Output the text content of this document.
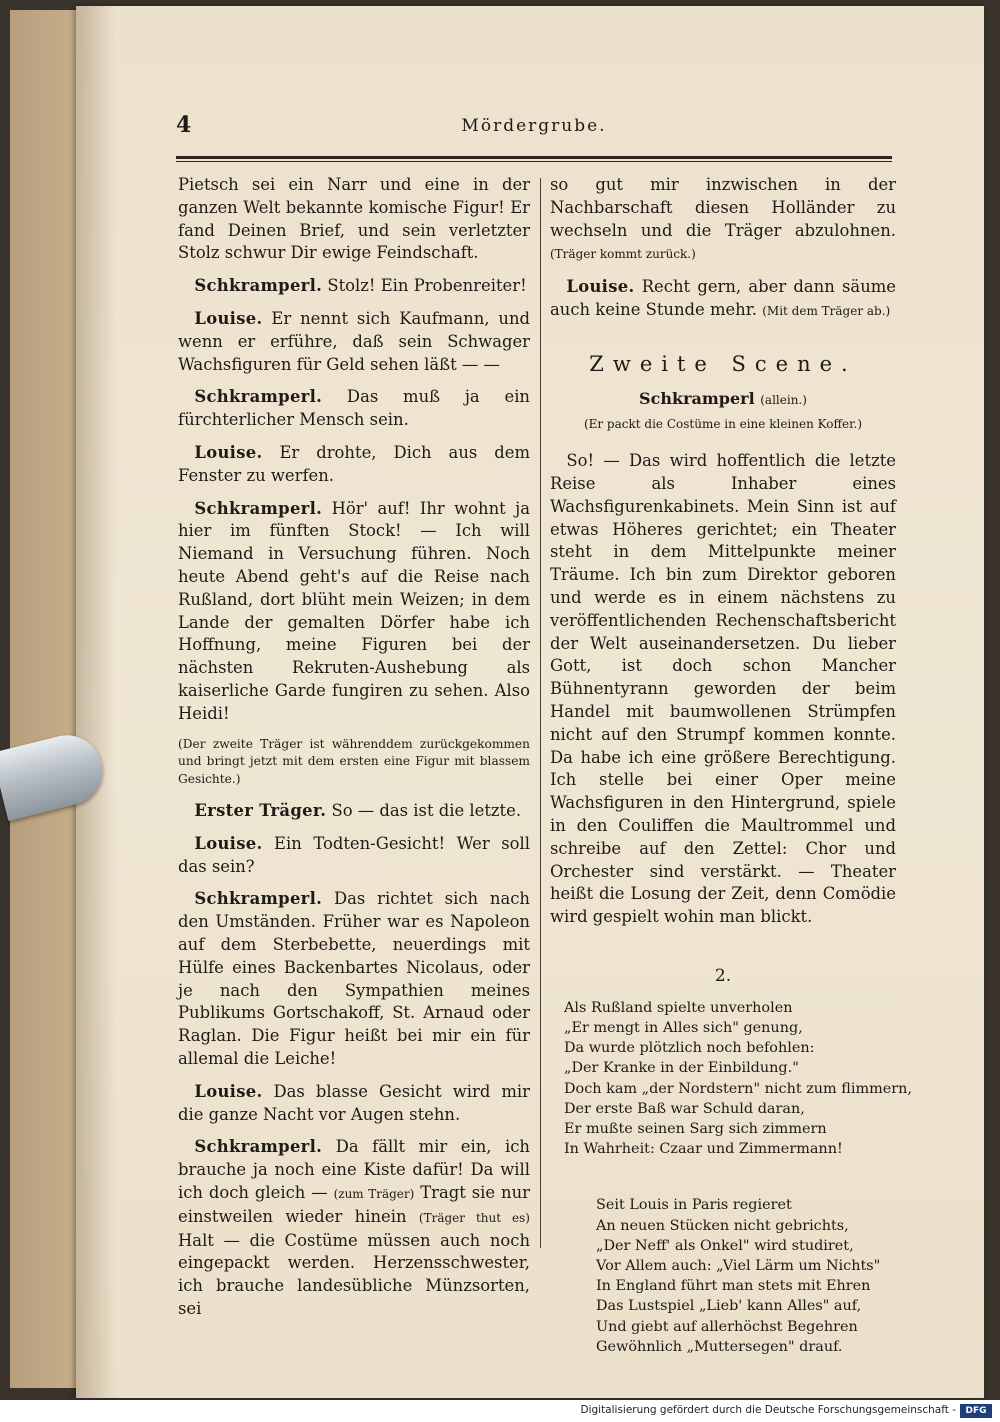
4	Mördergrube.

Pietsch sei ein Narr und eine in der ganzen Welt bekannte komische Figur! Er fand Deinen Brief, und sein verletzter Stolz schwur Dir ewige Feindschaft.

 Schkramperl. Stolz! Ein Probenreiter!

 Louise. Er nennt sich Kaufmann, und wenn er erführe, daß sein Schwager Wachsfiguren für Geld sehen läßt — —

 Schkramperl. Das muß ja ein fürchterlicher Mensch sein.

 Louise. Er drohte, Dich aus dem Fenster zu werfen.

 Schkramperl. Hör' auf! Ihr wohnt ja hier im fünften Stock! — Ich will Niemand in Versuchung führen. Noch heute Abend geht's auf die Reise nach Rußland, dort blüht mein Weizen; in dem Lande der gemalten Dörfer habe ich Hoffnung, meine Figuren bei der nächsten Rekruten-Aushebung als kaiserliche Garde fungiren zu sehen. Also Heidi!

(Der zweite Träger ist währenddem zurückgekommen und bringt jetzt mit dem ersten eine Figur mit blassem Gesichte.)

 Erster Träger. So — das ist die letzte.

 Louise. Ein Todten-Gesicht! Wer soll das sein?

 Schkramperl. Das richtet sich nach den Umständen. Früher war es Napoleon auf dem Sterbebette, neuerdings mit Hülfe eines Backenbartes Nicolaus, oder je nach den Sympathien meines Publikums Gortschakoff, St. Arnaud oder Raglan. Die Figur heißt bei mir ein für allemal die Leiche!

 Louise. Das blasse Gesicht wird mir die ganze Nacht vor Augen stehn.

 Schkramperl. Da fällt mir ein, ich brauche ja noch eine Kiste dafür! Da will ich doch gleich — (zum Träger) Tragt sie nur einstweilen wieder hinein (Träger thut es) Halt — die Costüme müssen auch noch eingepackt werden. Herzensschwester, ich brauche landesübliche Münzsorten, sei

so gut mir inzwischen in der Nachbarschaft diesen Holländer zu wechseln und die Träger abzulohnen. (Träger kommt zurück.)

 Louise. Recht gern, aber dann säume auch keine Stunde mehr. (Mit dem Träger ab.)

Zweite Scene.

Schkramperl (allein.)

(Er packt die Costüme in eine kleinen Koffer.)

 So! — Das wird hoffentlich die letzte Reise als Inhaber eines Wachsfigurenkabinets. Mein Sinn ist auf etwas Höheres gerichtet; ein Theater steht in dem Mittelpunkte meiner Träume. Ich bin zum Direktor geboren und werde es in einem nächstens zu veröffentlichenden Rechenschaftsbericht der Welt auseinandersetzen. Du lieber Gott, ist doch schon Mancher Bühnentyrann geworden der beim Handel mit baumwollenen Strümpfen nicht auf den Strumpf kommen konnte. Da habe ich eine größere Berechtigung. Ich stelle bei einer Oper meine Wachsfiguren in den Hintergrund, spiele in den Couliffen die Maultrommel und schreibe auf den Zettel: Chor und Orchester sind verstärkt. — Theater heißt die Losung der Zeit, denn Comödie wird gespielt wohin man blickt.

2.
Als Rußland spielte unverholen
„Er mengt in Alles sich" genung,
Da wurde plötzlich noch befohlen:
„Der Kranke in der Einbildung."
Doch kam „der Nordstern" nicht zum flimmern,
Der erste Baß war Schuld daran,
Er mußte seinen Sarg sich zimmern
In Wahrheit: Czaar und Zimmermann!
Seit Louis in Paris regieret
An neuen Stücken nicht gebrichts,
„Der Neff' als Onkel" wird studiret,
Vor Allem auch: „Viel Lärm um Nichts"
In England führt man stets mit Ehren
Das Lustspiel „Lieb' kann Alles" auf,
Und giebt auf allerhöchst Begehren
Gewöhnlich „Muttersegen" drauf.
Digitalisierung gefördert durch die Deutsche Forschungsgemeinschaft -	DFG
